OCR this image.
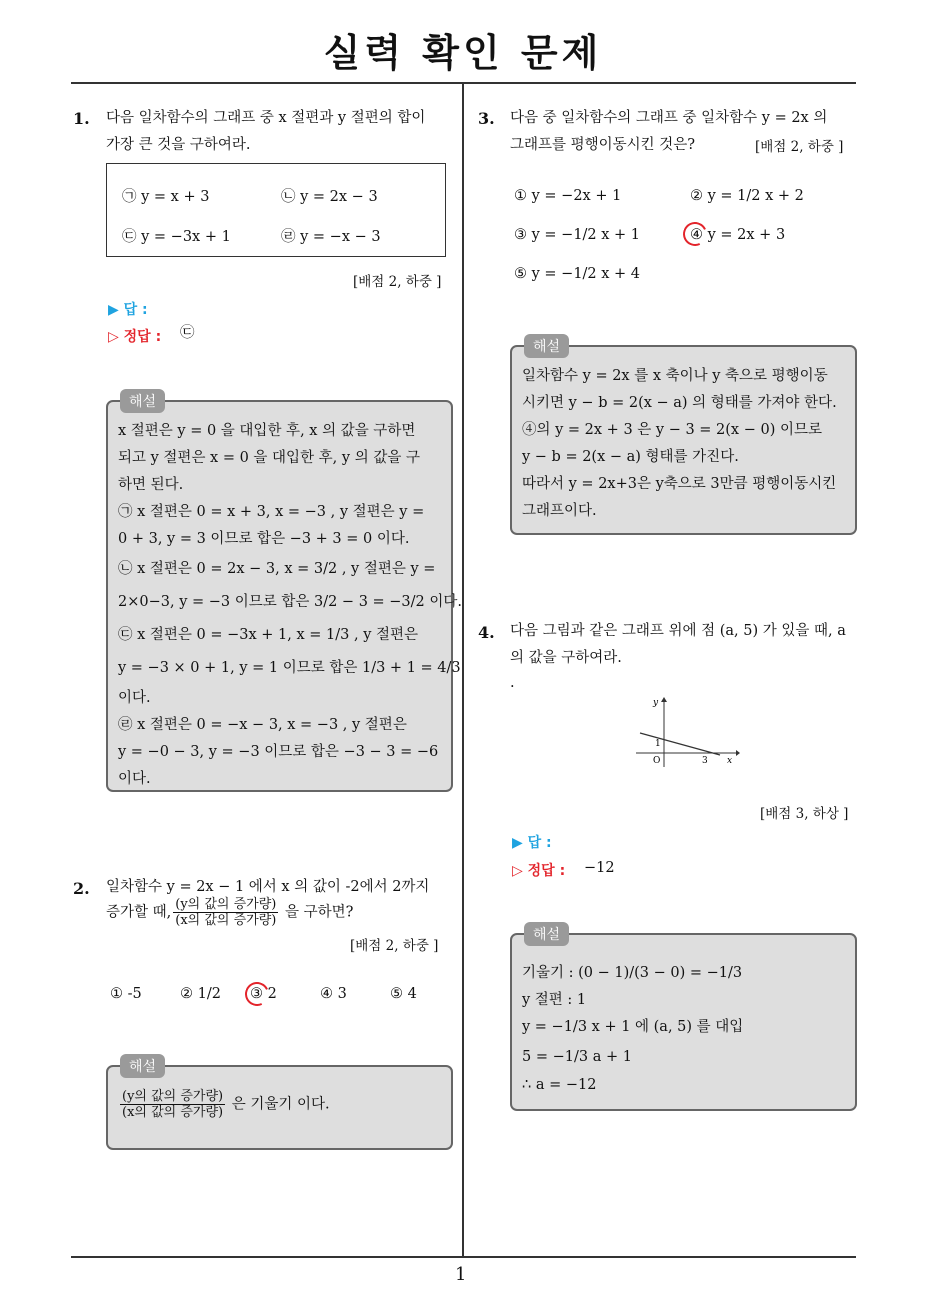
실력 확인 문제
1
1. 다음 일차함수의 그래프 중 x 절편과 y 절편의 합이
가장 큰 것을 구하여라.
㉠ y = x + 3	㉡ y = 2x − 3
㉢ y = −3x + 1	㉣ y = −x − 3
[배점 2, 하중 ]
▶ 답 :
▷ 정답 : ㉢
해설
x 절편은 y = 0 을 대입한 후, x 의 값을 구하면
되고 y 절편은 x = 0 을 대입한 후, y 의 값을 구
하면 된다.
㉠ x 절편은 0 = x + 3, x = −3 , y 절편은 y =
0 + 3, y = 3 이므로 합은 −3 + 3 = 0 이다.
㉡ x 절편은 0 = 2x − 3, x = 3/2 , y 절편은 y =
2×0−3, y = −3 이므로 합은 3/2 − 3 = −3/2 이다.
㉢ x 절편은 0 = −3x + 1, x = 1/3 , y 절편은
y = −3 × 0 + 1, y = 1 이므로 합은 1/3 + 1 = 4/3
이다.
㉣ x 절편은 0 = −x − 3, x = −3 , y 절편은
y = −0 − 3, y = −3 이므로 합은 −3 − 3 = −6
이다.
2. 일차함수 y = 2x − 1 에서 x 의 값이 -2에서 2까지
증가할 때, $\frac{\text{(y의 값의 증가량)}}{\text{(x의 값의 증가량)}}$ 을 구하면?
[배점 2, 하중 ]
① -5	② 1/2 ③ 2	④ 3	⑤ 4
해설
$\frac{\text{(y의 값의 증가량)}}{\text{(x의 값의 증가량)}}$ 은 기울기 이다.
3. 다음 중 일차함수의 그래프 중 일차함수 y = 2x 의
그래프를 평행이동시킨 것은?	[배점 2, 하중 ]
① y = −2x + 1	② y = 1/2 x + 2
③ y = −1/2 x + 1	④ y = 2x + 3
⑤ y = −1/2 x + 4
해설
일차함수 y = 2x 를 x 축이나 y 축으로 평행이동
시키면 y − b = 2(x − a) 의 형태를 가져야 한다.
④의 y = 2x + 3 은 y − 3 = 2(x − 0) 이므로
y − b = 2(x − a) 형태를 가진다.
따라서 y = 2x+3은 y축으로 3만큼 평행이동시킨
그래프이다.
4. 다음 그림과 같은 그래프 위에 점 (a, 5) 가 있을 때, a
의 값을 구하여라.
.
x
y
O
1
3
[배점 3, 하상 ]
▶ 답 :
▷ 정답 : −12
해설
기울기 : (0 − 1)/(3 − 0) = −1/3
y 절편 : 1
y = −1/3 x + 1 에 (a, 5) 를 대입
5 = −1/3 a + 1
∴ a = −12
